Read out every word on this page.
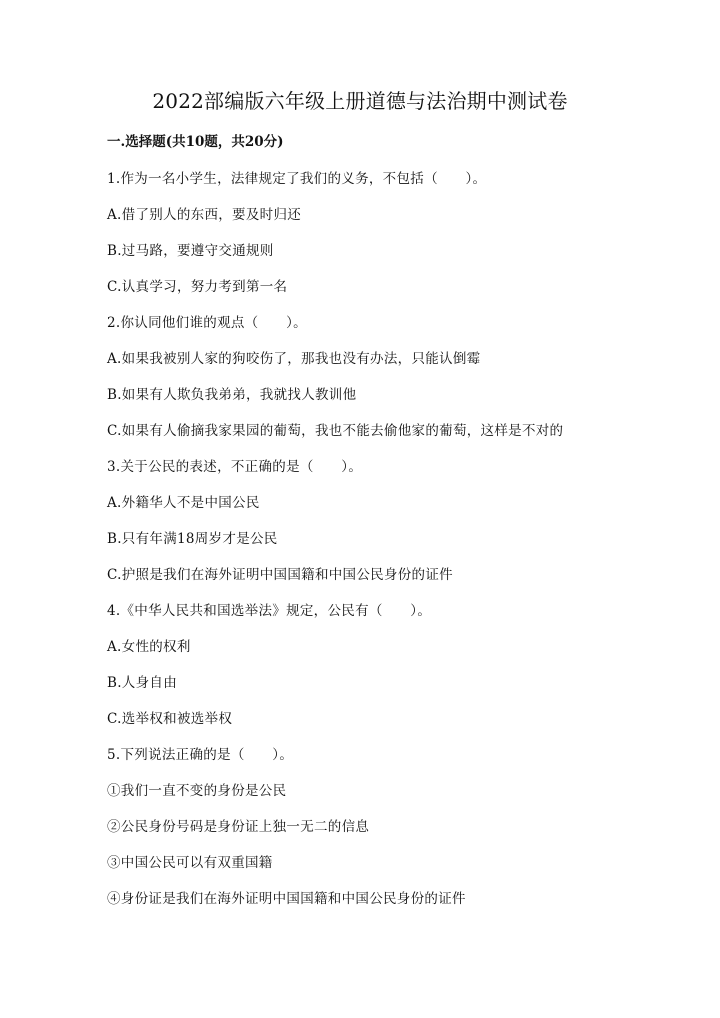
2022部编版六年级上册道德与法治期中测试卷
一.选择题(共10题，共20分)
1.作为一名小学生，法律规定了我们的义务，不包括（　　）。
A.借了别人的东西，要及时归还
B.过马路，要遵守交通规则
C.认真学习，努力考到第一名
2.你认同他们谁的观点（　　）。
A.如果我被别人家的狗咬伤了，那我也没有办法，只能认倒霉
B.如果有人欺负我弟弟，我就找人教训他
C.如果有人偷摘我家果园的葡萄，我也不能去偷他家的葡萄，这样是不对的
3.关于公民的表述，不正确的是（　　）。
A.外籍华人不是中国公民
B.只有年满18周岁才是公民
C.护照是我们在海外证明中国国籍和中国公民身份的证件
4.《中华人民共和国选举法》规定，公民有（　　）。
A.女性的权利
B.人身自由
C.选举权和被选举权
5.下列说法正确的是（　　）。
①我们一直不变的身份是公民
②公民身份号码是身份证上独一无二的信息
③中国公民可以有双重国籍
④身份证是我们在海外证明中国国籍和中国公民身份的证件
